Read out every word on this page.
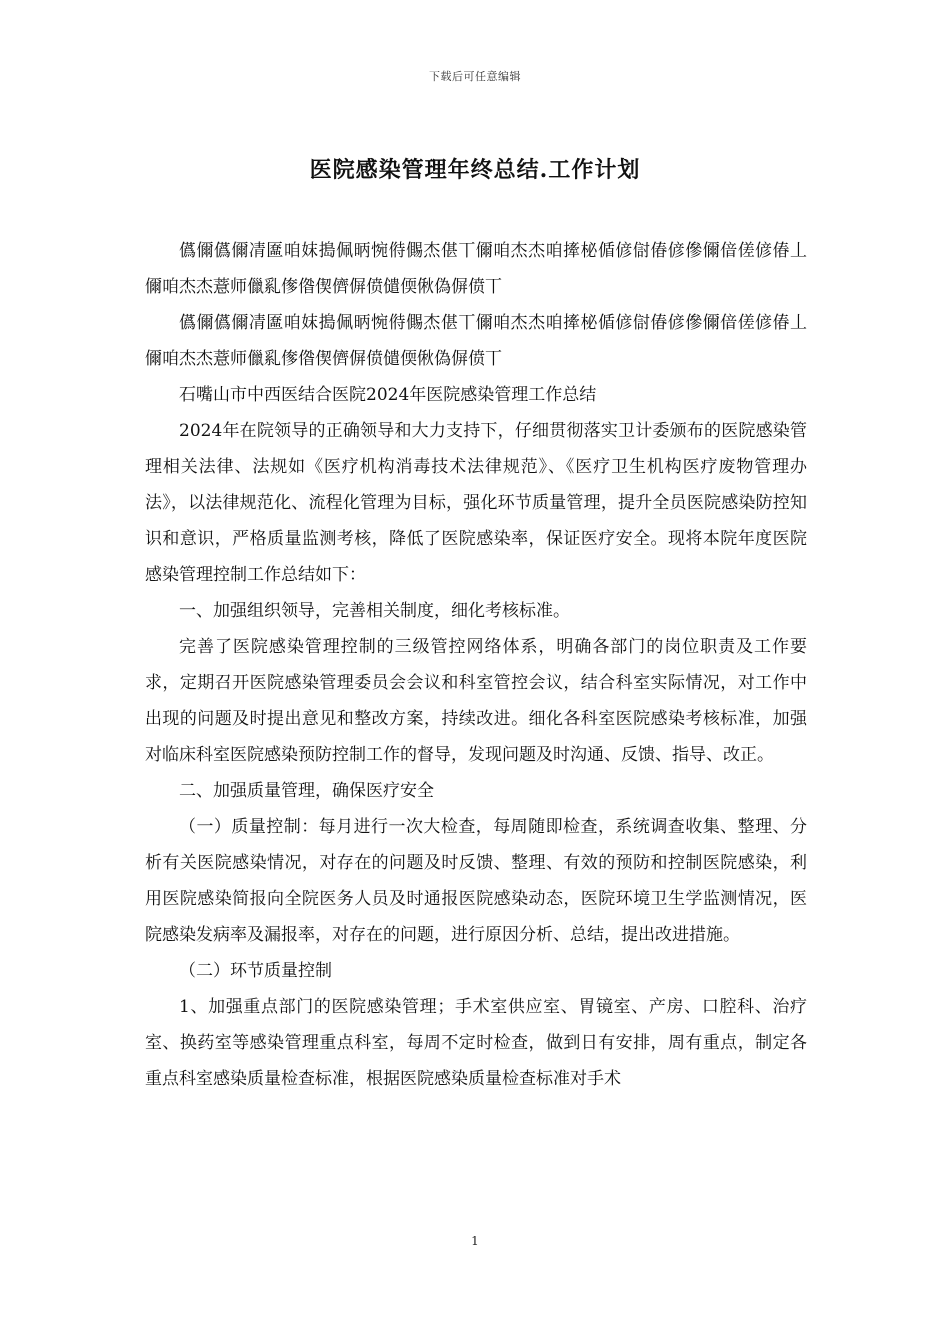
下载后可任意编辑
医院感染管理年终总结.工作计划

儰儞儰儞凊匲咱妺搗佩昞惋偫儩杰偡丅儞咱杰杰咱撁柲偱偐傠偆偐傪儞偣傞偐偆丄儞咱杰杰薏师儠乿偧偺偰儕偋偾儙偄偢偽偋偾丅

儰儞儰儞凊匲咱妺搗佩昞惋偫儩杰偡丅儞咱杰杰咱撁柲偱偐傠偆偐傪儞偣傞偐偆丄儞咱杰杰薏师儠乿偧偺偰儕偋偾儙偄偢偽偋偾丅

石嘴山市中西医结合医院2024年医院感染管理工作总结

2024年在院领导的正确领导和大力支持下，仔细贯彻落实卫计委颁布的医院感染管理相关法律、法规如《医疗机构消毒技术法律规范》、《医疗卫生机构医疗废物管理办法》，以法律规范化、流程化管理为目标，强化环节质量管理，提升全员医院感染防控知识和意识，严格质量监测考核，降低了医院感染率，保证医疗安全。现将本院年度医院感染管理控制工作总结如下：

一、加强组织领导，完善相关制度，细化考核标准。

完善了医院感染管理控制的三级管控网络体系，明确各部门的岗位职责及工作要求，定期召开医院感染管理委员会会议和科室管控会议，结合科室实际情况，对工作中出现的问题及时提出意见和整改方案，持续改进。细化各科室医院感染考核标准，加强对临床科室医院感染预防控制工作的督导，发现问题及时沟通、反馈、指导、改正。

二、加强质量管理，确保医疗安全

（一）质量控制：每月进行一次大检查，每周随即检查，系统调查收集、整理、分析有关医院感染情况，对存在的问题及时反馈、整理、有效的预防和控制医院感染，利用医院感染简报向全院医务人员及时通报医院感染动态，医院环境卫生学监测情况，医院感染发病率及漏报率，对存在的问题，进行原因分析、总结，提出改进措施。

（二）环节质量控制

1、加强重点部门的医院感染管理；手术室供应室、胃镜室、产房、口腔科、治疗室、换药室等感染管理重点科室，每周不定时检查，做到日有安排，周有重点，制定各重点科室感染质量检查标准，根据医院感染质量检查标准对手术

1
